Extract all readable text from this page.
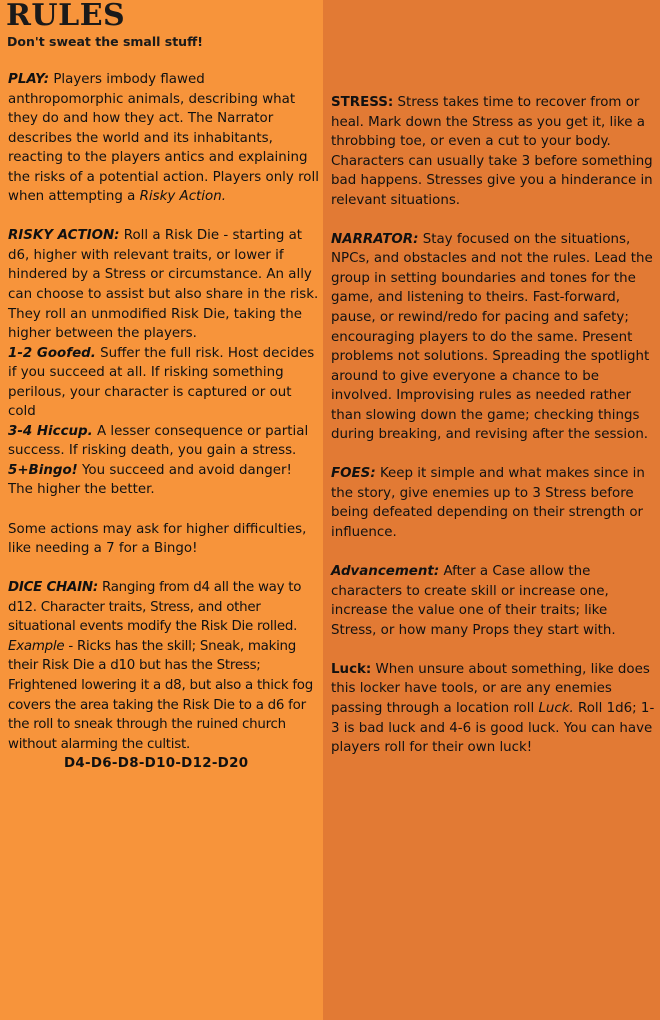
RULES
Don't sweat the small stuff!

PLAY: Players imbody flawed anthropomorphic animals, describing what they do and how they act. The Narrator describes the world and its inhabitants, reacting to the players antics and explaining the risks of a potential action. Players only roll when attempting a Risky Action.

RISKY ACTION: Roll a Risk Die - starting at d6, higher with relevant traits, or lower if hindered by a Stress or circumstance. An ally can choose to assist but also share in the risk. They roll an unmodified Risk Die, taking the higher between the players.

1-2 Goofed. Suffer the full risk. Host decides if you succeed at all. If risking something perilous, your character is captured or out cold

3-4 Hiccup. A lesser consequence or partial success. If risking death, you gain a stress.

5+Bingo! You succeed and avoid danger! The higher the better.

Some actions may ask for higher difficulties, like needing a 7 for a Bingo!

DICE CHAIN: Ranging from d4 all the way to d12. Character traits, Stress, and other situational events modify the Risk Die rolled. Example - Ricks has the skill; Sneak, making their Risk Die a d10 but has the Stress; Frightened lowering it a d8, but also a thick fog covers the area taking the Risk Die to a d6 for the roll to sneak through the ruined church without alarming the cultist.

D4-D6-D8-D10-D12-D20

STRESS: Stress takes time to recover from or heal. Mark down the Stress as you get it, like a throbbing toe, or even a cut to your body. Characters can usually take 3 before something bad happens. Stresses give you a hinderance in relevant situations.

NARRATOR: Stay focused on the situations, NPCs, and obstacles and not the rules. Lead the group in setting boundaries and tones for the game, and listening to theirs. Fast-forward, pause, or rewind/redo for pacing and safety; encouraging players to do the same. Present problems not solutions. Spreading the spotlight around to give everyone a chance to be involved. Improvising rules as needed rather than slowing down the game; checking things during breaking, and revising after the session.

FOES: Keep it simple and what makes since in the story, give enemies up to 3 Stress before being defeated depending on their strength or influence.

Advancement: After a Case allow the characters to create skill or increase one, increase the value one of their traits; like Stress, or how many Props they start with.

Luck: When unsure about something, like does this locker have tools, or are any enemies passing through a location roll Luck. Roll 1d6; 1-3 is bad luck and 4-6 is good luck. You can have players roll for their own luck!
